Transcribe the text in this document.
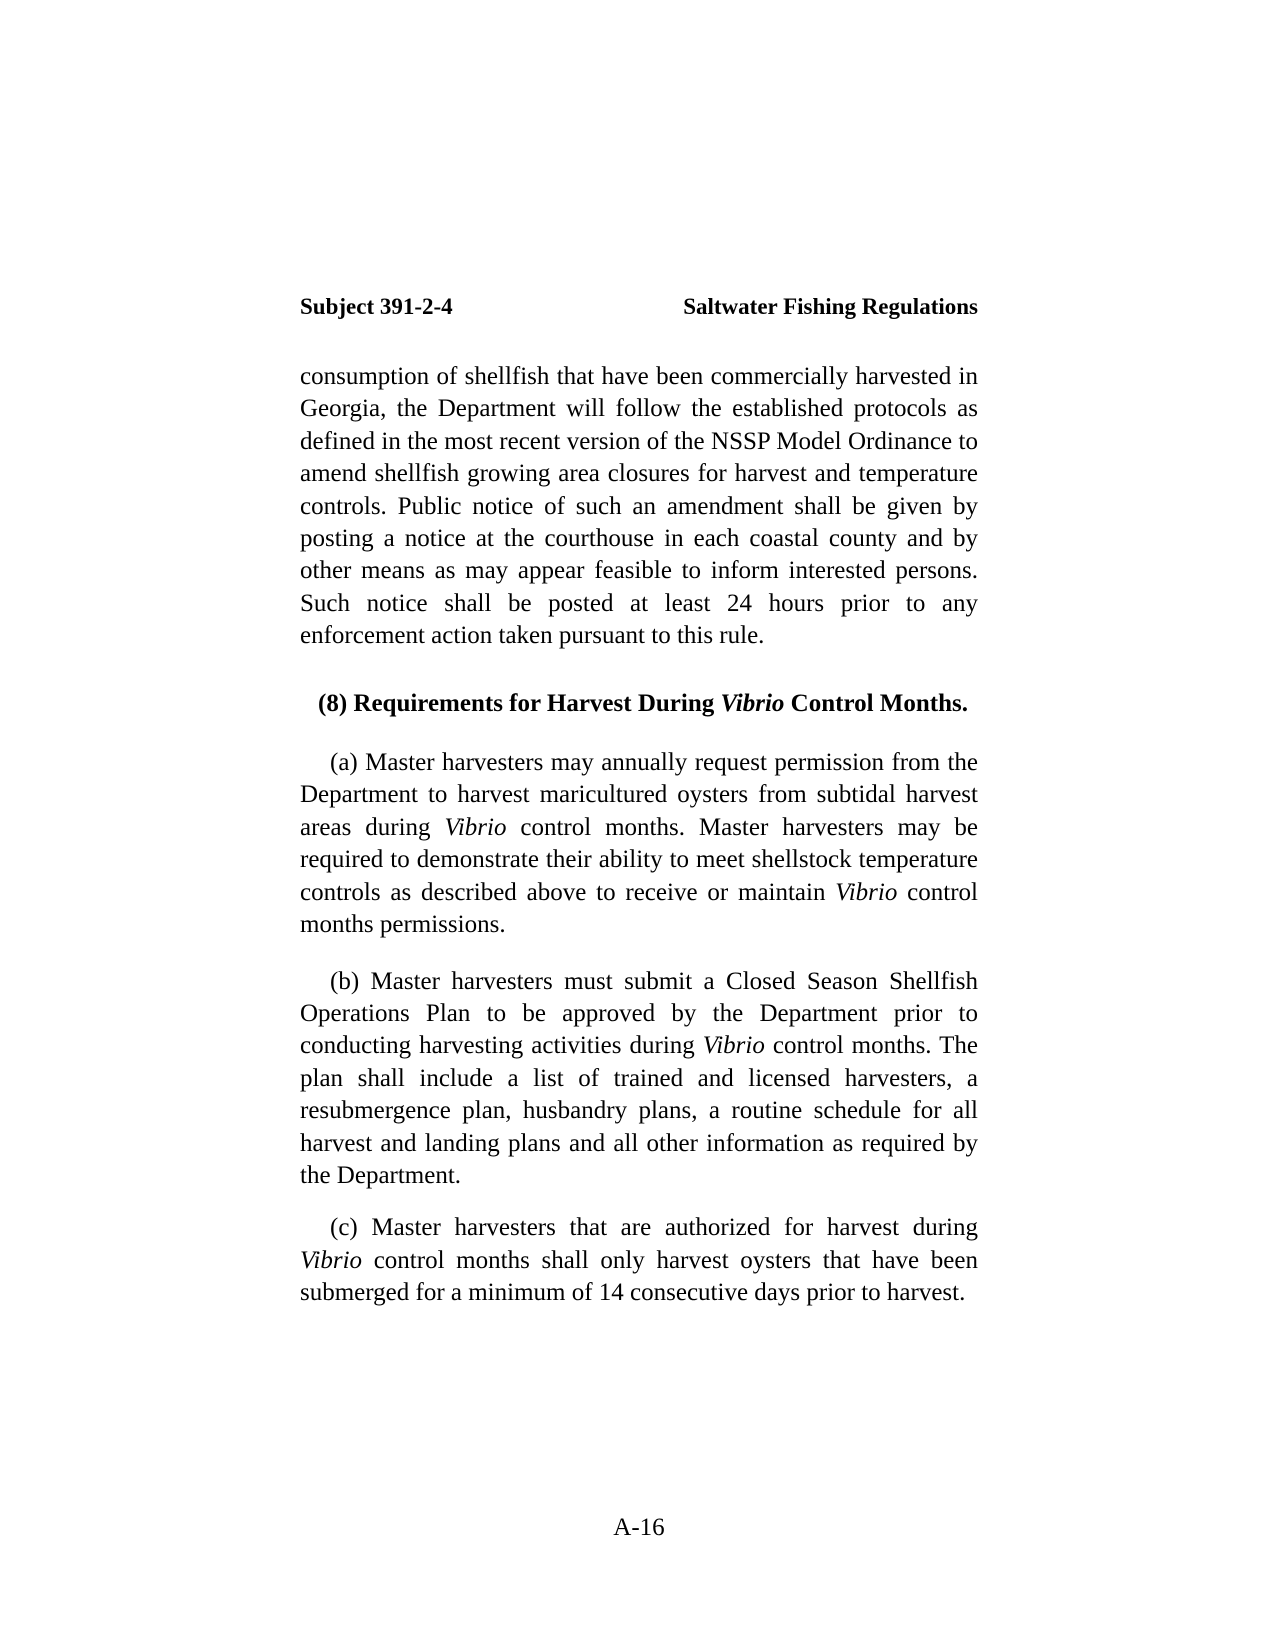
Subject 391-2-4	Saltwater Fishing Regulations

consumption of shellfish that have been commercially harvested in Georgia, the Department will follow the established protocols as defined in the most recent version of the NSSP Model Ordinance to amend shellfish growing area closures for harvest and temperature controls. Public notice of such an amendment shall be given by posting a notice at the courthouse in each coastal county and by other means as may appear feasible to inform interested persons. Such notice shall be posted at least 24 hours prior to any enforcement action taken pursuant to this rule.

(8) Requirements for Harvest During Vibrio Control Months.

(a) Master harvesters may annually request permission from the Department to harvest maricultured oysters from subtidal harvest areas during Vibrio control months. Master harvesters may be required to demonstrate their ability to meet shellstock temperature controls as described above to receive or maintain Vibrio control months permissions.

(b) Master harvesters must submit a Closed Season Shellfish Operations Plan to be approved by the Department prior to conducting harvesting activities during Vibrio control months. The plan shall include a list of trained and licensed harvesters, a resubmergence plan, husbandry plans, a routine schedule for all harvest and landing plans and all other information as required by the Department.

(c) Master harvesters that are authorized for harvest during Vibrio control months shall only harvest oysters that have been submerged for a minimum of 14 consecutive days prior to harvest.

A-16
